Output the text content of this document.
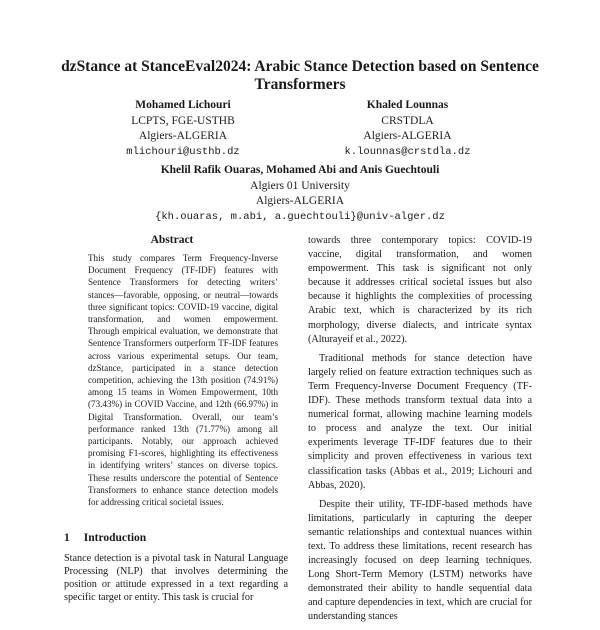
dzStance at StanceEval2024: Arabic Stance Detection based on Sentence Transformers
Mohamed Lichouri
LCPTS, FGE-USTHB
Algiers-ALGERIA
mlichouri@usthb.dz
Khaled Lounnas
CRSTDLA
Algiers-ALGERIA
k.lounnas@crstdla.dz
Khelil Rafik Ouaras, Mohamed Abi and Anis Guechtouli
Algiers 01 University
Algiers-ALGERIA
{kh.ouaras, m.abi, a.guechtouli}@univ-alger.dz
Abstract

This study compares Term Frequency-Inverse Document Frequency (TF-IDF) features with Sentence Transformers for detecting writers’ stances—favorable, opposing, or neutral—towards three significant topics: COVID-19 vaccine, digital transformation, and women empowerment. Through empirical evaluation, we demonstrate that Sentence Transformers outperform TF-IDF features across various experimental setups. Our team, dzStance, participated in a stance detection competition, achieving the 13th position (74.91%) among 15 teams in Women Empowerment, 10th (73.43%) in COVID Vaccine, and 12th (66.97%) in Digital Transformation. Overall, our team’s performance ranked 13th (71.77%) among all participants. Notably, our approach achieved promising F1-scores, highlighting its effectiveness in identifying writers’ stances on diverse topics. These results underscore the potential of Sentence Transformers to enhance stance detection models for addressing critical societal issues.

1 Introduction

Stance detection is a pivotal task in Natural Language Processing (NLP) that involves determining the position or attitude expressed in a text regarding a specific target or entity. This task is crucial for

towards three contemporary topics: COVID-19 vaccine, digital transformation, and women empowerment. This task is significant not only because it addresses critical societal issues but also because it highlights the complexities of processing Arabic text, which is characterized by its rich morphology, diverse dialects, and intricate syntax (Alturayeif et al., 2022).

Traditional methods for stance detection have largely relied on feature extraction techniques such as Term Frequency-Inverse Document Frequency (TF-IDF). These methods transform textual data into a numerical format, allowing machine learning models to process and analyze the text. Our initial experiments leverage TF-IDF features due to their simplicity and proven effectiveness in various text classification tasks (Abbas et al., 2019; Lichouri and Abbas, 2020).

Despite their utility, TF-IDF-based methods have limitations, particularly in capturing the deeper semantic relationships and contextual nuances within text. To address these limitations, recent research has increasingly focused on deep learning techniques. Long Short-Term Memory (LSTM) networks have demonstrated their ability to handle sequential data and capture dependencies in text, which are crucial for understanding stances
